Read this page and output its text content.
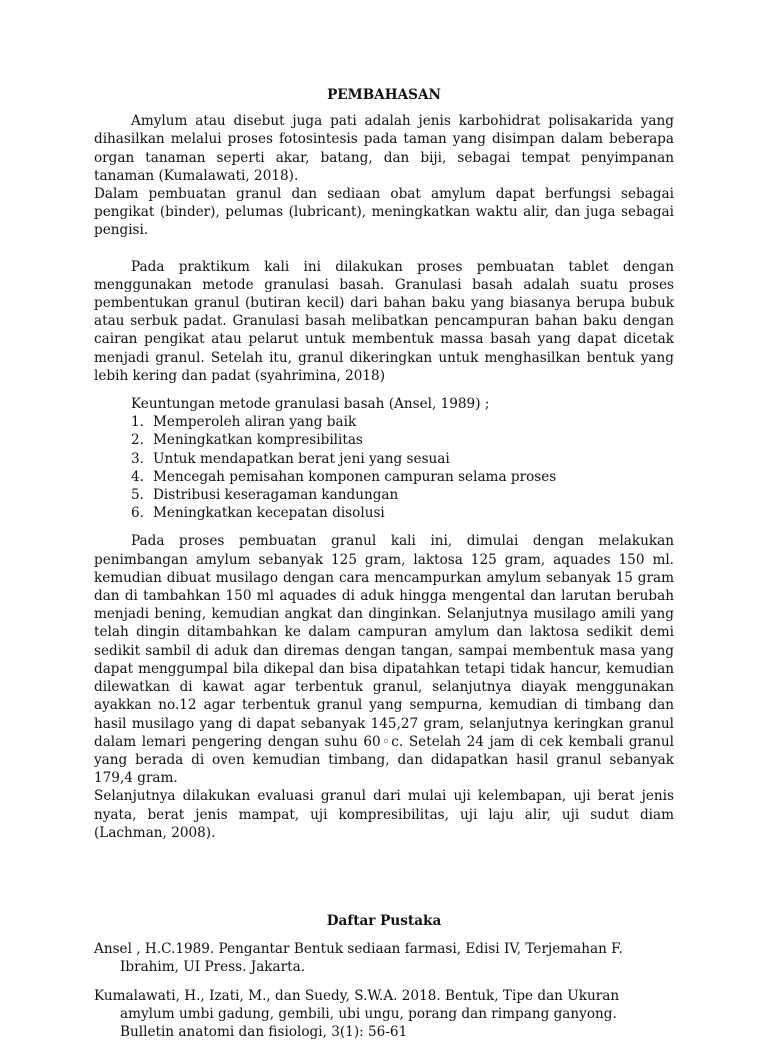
PEMBAHASAN

Amylum atau disebut juga pati adalah jenis karbohidrat polisakarida yang dihasilkan melalui proses fotosintesis pada taman yang disimpan dalam beberapa organ tanaman seperti akar, batang, dan biji, sebagai tempat penyimpanan tanaman (Kumalawati, 2018).

Dalam pembuatan granul dan sediaan obat amylum dapat berfungsi sebagai pengikat (binder), pelumas (lubricant), meningkatkan waktu alir, dan juga sebagai pengisi.

Pada praktikum kali ini dilakukan proses pembuatan tablet dengan menggunakan metode granulasi basah. Granulasi basah adalah suatu proses pembentukan granul (butiran kecil) dari bahan baku yang biasanya berupa bubuk atau serbuk padat. Granulasi basah melibatkan pencampuran bahan baku dengan cairan pengikat atau pelarut untuk membentuk massa basah yang dapat dicetak menjadi granul. Setelah itu, granul dikeringkan untuk menghasilkan bentuk yang lebih kering dan padat (syahrimina, 2018)

Keuntungan metode granulasi basah (Ansel, 1989) ;

1. Memperoleh aliran yang baik
2. Meningkatkan kompresibilitas
3. Untuk mendapatkan berat jeni yang sesuai
4. Mencegah pemisahan komponen campuran selama proses
5. Distribusi keseragaman kandungan
6. Meningkatkan kecepatan disolusi

Pada proses pembuatan granul kali ini, dimulai dengan melakukan penimbangan amylum sebanyak 125 gram, laktosa 125 gram, aquades 150 ml. kemudian dibuat musilago dengan cara mencampurkan amylum sebanyak 15 gram dan di tambahkan 150 ml aquades di aduk hingga mengental dan larutan berubah menjadi bening, kemudian angkat dan dinginkan. Selanjutnya musilago amili yang telah dingin ditambahkan ke dalam campuran amylum dan laktosa sedikit demi sedikit sambil di aduk dan diremas dengan tangan, sampai membentuk masa yang dapat menggumpal bila dikepal dan bisa dipatahkan tetapi tidak hancur, kemudian dilewatkan di kawat agar terbentuk granul, selanjutnya diayak menggunakan ayakkan no.12 agar terbentuk granul yang sempurna, kemudian di timbang dan hasil musilago yang di dapat sebanyak 145,27 gram, selanjutnya keringkan granul dalam lemari pengering dengan suhu 60◦c. Setelah 24 jam di cek kembali granul yang berada di oven kemudian timbang, dan didapatkan hasil granul sebanyak 179,4 gram.

Selanjutnya dilakukan evaluasi granul dari mulai uji kelembapan, uji berat jenis nyata, berat jenis mampat, uji kompresibilitas, uji laju alir, uji sudut diam (Lachman, 2008).

Daftar Pustaka

Ansel , H.C.1989. Pengantar Bentuk sediaan farmasi, Edisi IV, Terjemahan F. Ibrahim, UI Press. Jakarta.

Kumalawati, H., Izati, M., dan Suedy, S.W.A. 2018. Bentuk, Tipe dan Ukuran amylum umbi gadung, gembili, ubi ungu, porang dan rimpang ganyong. Bulletin anatomi dan fisiologi, 3(1): 56-61
